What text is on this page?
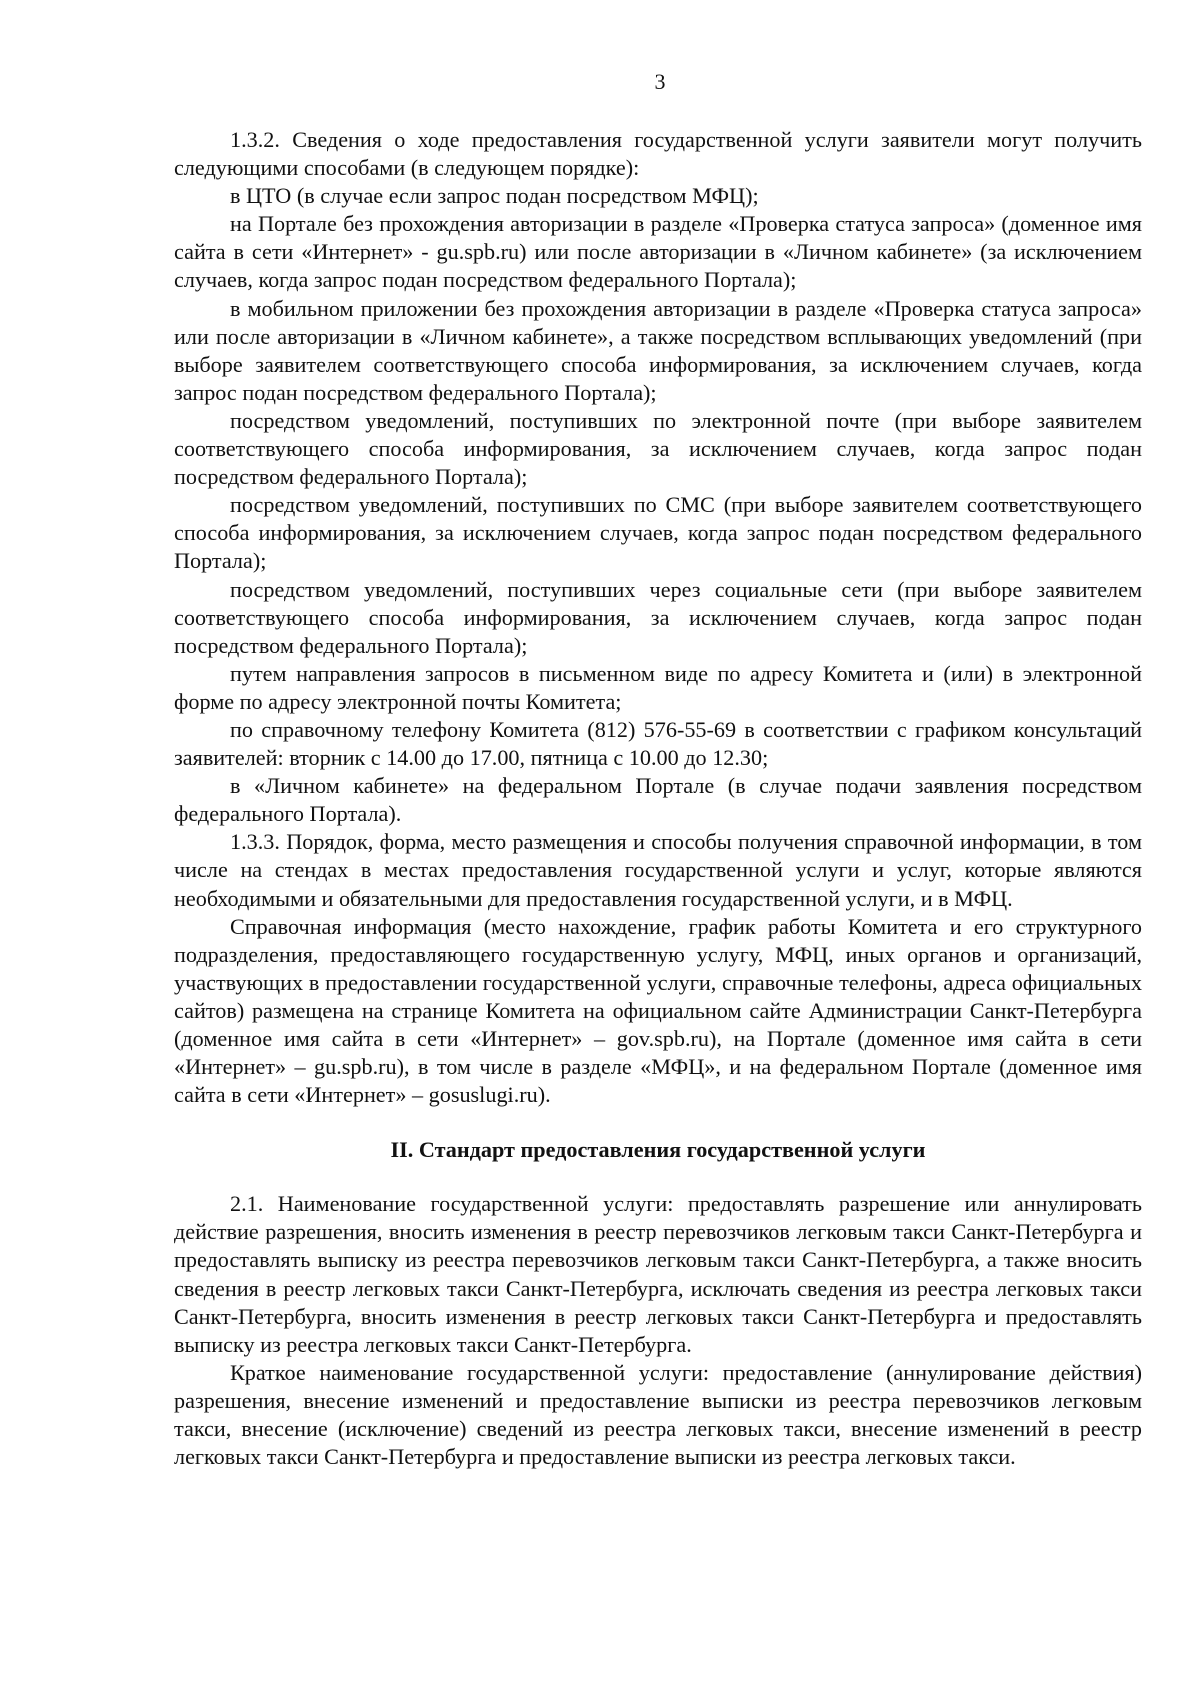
3

1.3.2. Сведения о ходе предоставления государственной услуги заявители могут получить следующими способами (в следующем порядке):

в ЦТО (в случае если запрос подан посредством МФЦ);

на Портале без прохождения авторизации в разделе «Проверка статуса запроса» (доменное имя сайта в сети «Интернет» - gu.spb.ru) или после авторизации в «Личном кабинете» (за исключением случаев, когда запрос подан посредством федерального Портала);

в мобильном приложении без прохождения авторизации в разделе «Проверка статуса запроса» или после авторизации в «Личном кабинете», а также посредством всплывающих уведомлений (при выборе заявителем соответствующего способа информирования, за исключением случаев, когда запрос подан посредством федерального Портала);

посредством уведомлений, поступивших по электронной почте (при выборе заявителем соответствующего способа информирования, за исключением случаев, когда запрос подан посредством федерального Портала);

посредством уведомлений, поступивших по СМС (при выборе заявителем соответствующего способа информирования, за исключением случаев, когда запрос подан посредством федерального Портала);

посредством уведомлений, поступивших через социальные сети (при выборе заявителем соответствующего способа информирования, за исключением случаев, когда запрос подан посредством федерального Портала);

путем направления запросов в письменном виде по адресу Комитета и (или) в электронной форме по адресу электронной почты Комитета;

по справочному телефону Комитета (812) 576-55-69 в соответствии с графиком консультаций заявителей: вторник с 14.00 до 17.00, пятница с 10.00 до 12.30;

в «Личном кабинете» на федеральном Портале (в случае подачи заявления посредством федерального Портала).

1.3.3. Порядок, форма, место размещения и способы получения справочной информации, в том числе на стендах в местах предоставления государственной услуги и услуг, которые являются необходимыми и обязательными для предоставления государственной услуги, и в МФЦ.

Справочная информация (место нахождение, график работы Комитета и его структурного подразделения, предоставляющего государственную услугу, МФЦ, иных органов и организаций, участвующих в предоставлении государственной услуги, справочные телефоны, адреса официальных сайтов) размещена на странице Комитета на официальном сайте Администрации Санкт-Петербурга (доменное имя сайта в сети «Интернет» – gov.spb.ru), на Портале (доменное имя сайта в сети «Интернет» – gu.spb.ru), в том числе в разделе «МФЦ», и на федеральном Портале (доменное имя сайта в сети «Интернет» – gosuslugi.ru).

II. Стандарт предоставления государственной услуги

2.1. Наименование государственной услуги: предоставлять разрешение или аннулировать действие разрешения, вносить изменения в реестр перевозчиков легковым такси Санкт-Петербурга и предоставлять выписку из реестра перевозчиков легковым такси Санкт-Петербурга, а также вносить сведения в реестр легковых такси Санкт-Петербурга, исключать сведения из реестра легковых такси Санкт-Петербурга, вносить изменения в реестр легковых такси Санкт-Петербурга и предоставлять выписку из реестра легковых такси Санкт-Петербурга.

Краткое наименование государственной услуги: предоставление (аннулирование действия) разрешения, внесение изменений и предоставление выписки из реестра перевозчиков легковым такси, внесение (исключение) сведений из реестра легковых такси, внесение изменений в реестр легковых такси Санкт-Петербурга и предоставление выписки из реестра легковых такси.
